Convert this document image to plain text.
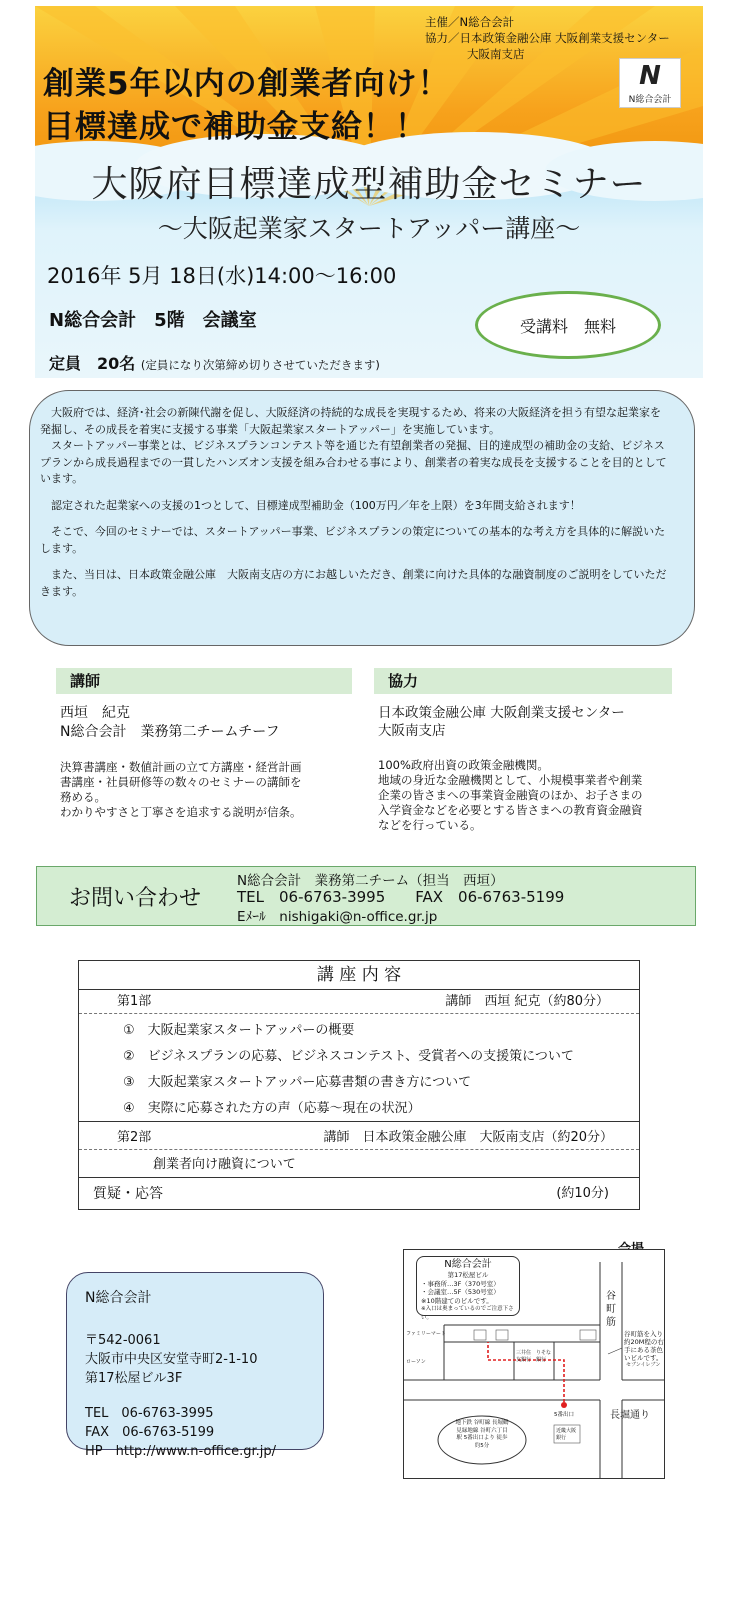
主催／N総合会計
協力／日本政策金融公庫 大阪創業支援センター
大阪南支店
N
N総合会計
創業5年以内の創業者向け！
目標達成で補助金支給！！
大阪府目標達成型補助金セミナー
～大阪起業家スタートアッパー講座～
2016年 5月 18日(水)14:00～16:00
N総合会計　5階　会議室	受講料　無料
定員　20名 (定員になり次第締め切りさせていただきます)

大阪府では、経済･社会の新陳代謝を促し、大阪経済の持続的な成長を実現するため、将来の大阪経済を担う有望な起業家を発掘し、その成長を着実に支援する事業「大阪起業家スタートアッパー」を実施しています。

スタートアッパー事業とは、ビジネスプランコンテスト等を通じた有望創業者の発掘、目的達成型の補助金の支給、ビジネスプランから成長過程までの一貫したハンズオン支援を組み合わせる事により、創業者の着実な成長を支援することを目的としています。

認定された起業家への支援の1つとして、目標達成型補助金（100万円／年を上限）を3年間支給されます！

そこで、今回のセミナーでは、スタートアッパー事業、ビジネスプランの策定についての基本的な考え方を具体的に解説いたします。

また、当日は、日本政策金融公庫　大阪南支店の方にお越しいただき、創業に向けた具体的な融資制度のご説明をしていただきます。

講師
西垣　紀克
N総合会計　業務第二チームチーフ
決算書講座・数値計画の立て方講座・経営計画
書講座・社員研修等の数々のセミナーの講師を
務める。
わかりやすさと丁寧さを追求する説明が信条。
協力
日本政策金融公庫 大阪創業支援センター
大阪南支店
100%政府出資の政策金融機関。
地域の身近な金融機関として、小規模事業者や創業
企業の皆さまへの事業資金融資のほか、お子さまの
入学資金などを必要とする皆さまへの教育資金融資
などを行っている。
お問い合わせ
N総合会計　業務第二チーム（担当　西垣）
TEL　06-6763-3995　　FAX　06-6763-5199
Eﾒｰﾙ　nishigaki@n-office.gr.jp
講 座 内 容
第1部	講師　西垣 紀克（約80分）
①　大阪起業家スタートアッパーの概要
②　ビジネスプランの応募、ビジネスコンテスト、受賞者への支援策について
③　大阪起業家スタートアッパー応募書類の書き方について
④　実際に応募された方の声（応募～現在の状況）
第2部	講師　日本政策金融公庫　大阪南支店（約20分）
創業者向け融資について
質疑・応答	(約10分)
N総合会計
〒542-0061
大阪市中央区安堂寺町2-1-10
第17松屋ビル3F
TEL　06-6763-3995
FAX　06-6763-5199
HP　http://www.n-office.gr.jp/
N総合会計
第17松屋ビル
・事務所…3F（370号室）
・会議室…5F（530号室）
※10階建てのビルです。
※入口は奥まっているのでご注意下さい。
谷町筋
長堀通り
谷町筋を入り約20M程の右手にある茶色いビルです。
地下鉄 谷町線 長堀鶴見緑地線 谷町六丁目駅 5番出口より 徒歩約5分
5番出口
ファミリーマート
ローソン	セブンイレブン
三井住友銀行
近畿大阪銀行
りそな銀行
